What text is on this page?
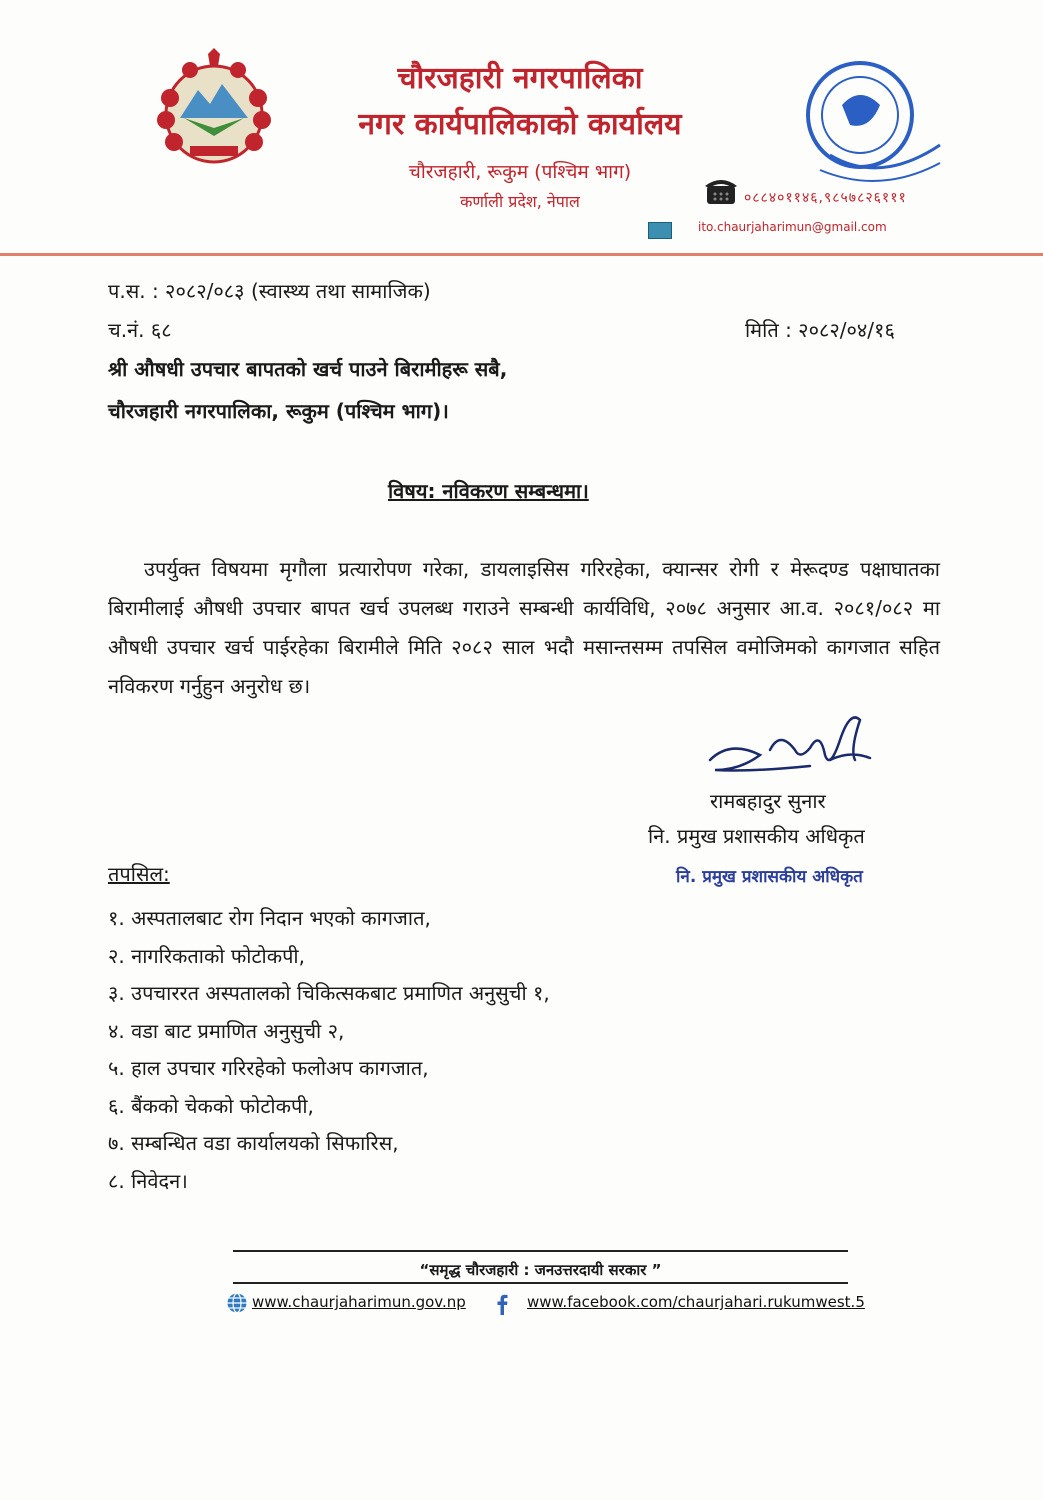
चौरजहारी नगरपालिका
नगर कार्यपालिकाको कार्यालय
चौरजहारी, रूकुम (पश्चिम भाग)
कर्णाली प्रदेश, नेपाल	०८८४०११४६,९८५७८२६१११
ito.chaurjaharimun@gmail.com
प.स. : २०८२/०८३ (स्वास्थ्य तथा सामाजिक)
च.नं. ६८	मिति : २०८२/०४/१६
श्री औषधी उपचार बापतको खर्च पाउने बिरामीहरू सबै,
चौरजहारी नगरपालिका, रूकुम (पश्चिम भाग)।
विषय: नविकरण सम्बन्धमा।
उपर्युक्त विषयमा मृगौला प्रत्यारोपण गरेका, डायलाइसिस गरिरहेका, क्यान्सर रोगी र मेरूदण्ड पक्षाघातका बिरामीलाई औषधी उपचार बापत खर्च उपलब्ध गराउने सम्बन्धी कार्यविधि, २०७८ अनुसार आ.व. २०८१/०८२ मा औषधी उपचार खर्च पाईरहेका बिरामीले मिति २०८२ साल भदौ मसान्तसम्म तपसिल वमोजिमको कागजात सहित नविकरण गर्नुहुन अनुरोध छ।
रामबहादुर सुनार
नि. प्रमुख प्रशासकीय अधिकृत
नि. प्रमुख प्रशासकीय अधिकृत
तपसिल:
१. अस्पतालबाट रोग निदान भएको कागजात,
२. नागरिकताको फोटोकपी,
३. उपचाररत अस्पतालको चिकित्सकबाट प्रमाणित अनुसुची १,
४. वडा बाट प्रमाणित अनुसुची २,
५. हाल उपचार गरिरहेको फलोअप कागजात,
६. बैंकको चेकको फोटोकपी,
७. सम्बन्धित वडा कार्यालयको सिफारिस,
८. निवेदन।
“समृद्ध चौरजहारी : जनउत्तरदायी सरकार ”
www.chaurjaharimun.gov.np	www.facebook.com/chaurjahari.rukumwest.5
